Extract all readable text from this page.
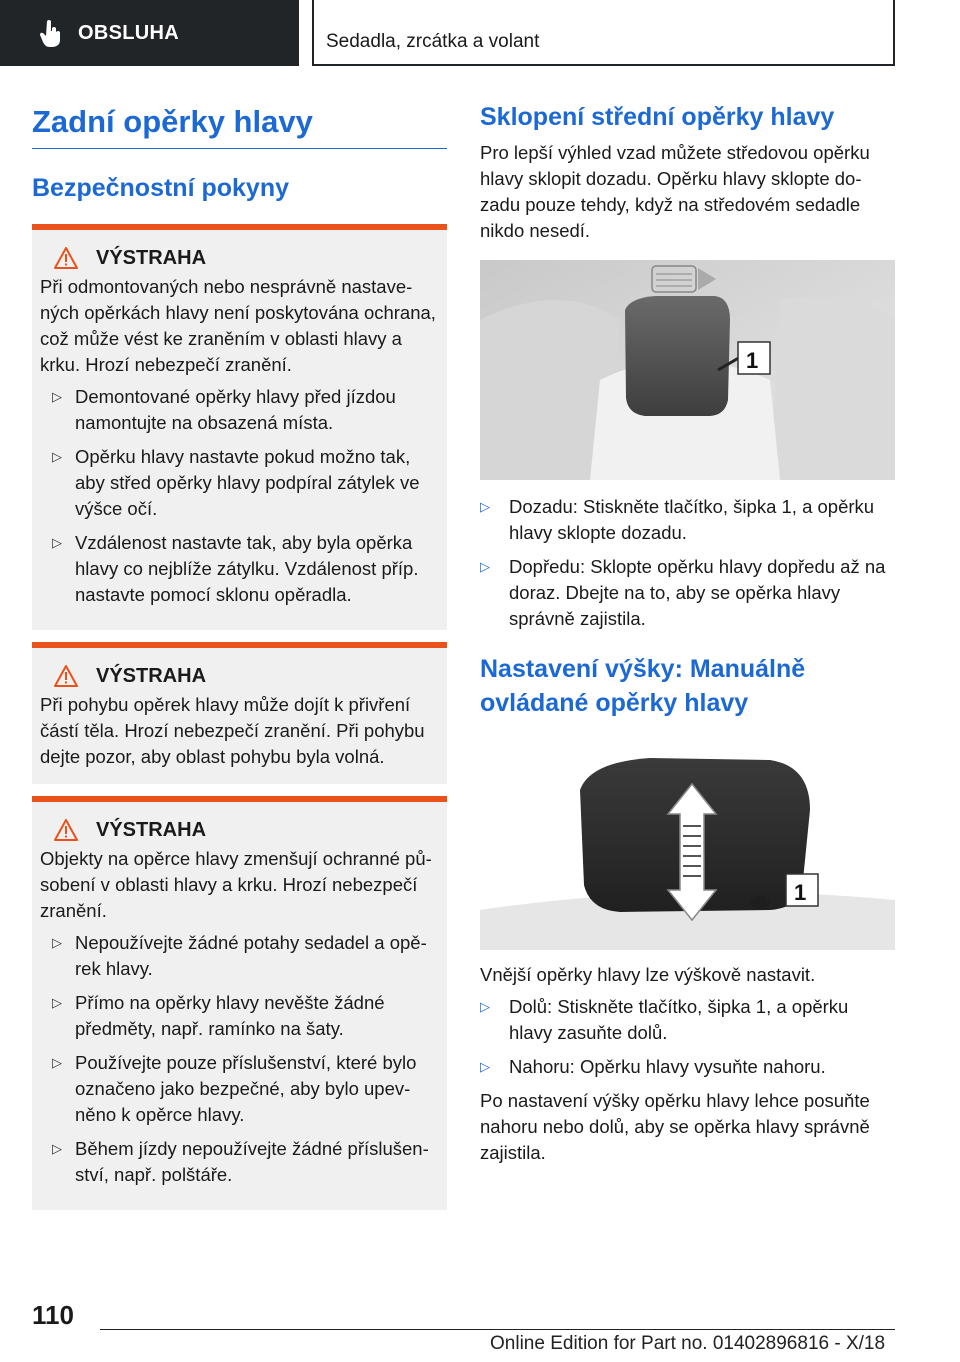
OBSLUHA	Sedadla, zrcátka a volant
Zadní opěrky hlavy
Bezpečnostní pokyny
VÝSTRAHA
Při odmontovaných nebo nesprávně nastave-ných opěrkách hlavy není poskytována ochrana, což může vést ke zraněním v oblasti hlavy a krku. Hrozí nebezpečí zranění.
▷ Demontované opěrky hlavy před jízdou namontujte na obsazená místa.
▷ Opěrku hlavy nastavte pokud možno tak, aby střed opěrky hlavy podpíral zátylek ve výšce očí.
▷ Vzdálenost nastavte tak, aby byla opěrka hlavy co nejblíže zátylku. Vzdálenost příp. nastavte pomocí sklonu opěradla.
VÝSTRAHA
Při pohybu opěrek hlavy může dojít k přivření částí těla. Hrozí nebezpečí zranění. Při pohybu dejte pozor, aby oblast pohybu byla volná.
VÝSTRAHA
Objekty na opěrce hlavy zmenšují ochranné pů-sobení v oblasti hlavy a krku. Hrozí nebezpečí zranění.
▷ Nepoužívejte žádné potahy sedadel a opě-rek hlavy.
▷ Přímo na opěrky hlavy nevěšte žádné předměty, např. ramínko na šaty.
▷ Používejte pouze příslušenství, které bylo označeno jako bezpečné, aby bylo upev-něno k opěrce hlavy.
▷ Během jízdy nepoužívejte žádné příslušen-ství, např. polštáře.
Sklopení střední opěrky hlavy
Pro lepší výhled vzad můžete středovou opěrku hlavy sklopit dozadu. Opěrku hlavy sklopte do-zadu pouze tehdy, když na středovém sedadle nikdo nesedí.
1
▷ Dozadu: Stiskněte tlačítko, šipka 1, a opěrku hlavy sklopte dozadu.
▷ Dopředu: Sklopte opěrku hlavy dopředu až na doraz. Dbejte na to, aby se opěrka hlavy správně zajistila.
Nastavení výšky: Manuálně ovládané opěrky hlavy
1
Vnější opěrky hlavy lze výškově nastavit.
▷ Dolů: Stiskněte tlačítko, šipka 1, a opěrku hlavy zasuňte dolů.
▷ Nahoru: Opěrku hlavy vysuňte nahoru.
Po nastavení výšky opěrku hlavy lehce posuňte nahoru nebo dolů, aby se opěrka hlavy správně zajistila.
110
Online Edition for Part no. 01402896816 - X/18
